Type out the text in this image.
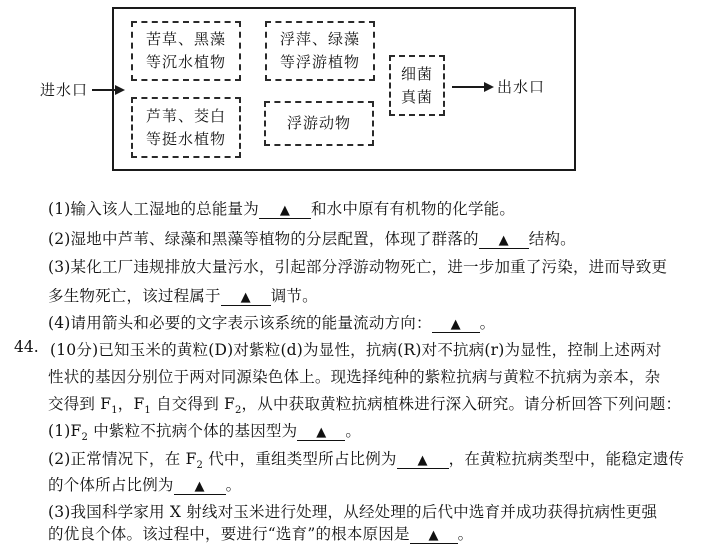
进水口
苦草、黑藻
等沉水植物
浮萍、绿藻
等浮游植物
芦苇、茭白
等挺水植物
浮游动物
细菌
真菌
出水口
(1)输入该人工湿地的总能量为 ▲ 和水中原有有机物的化学能。
(2)湿地中芦苇、绿藻和黑藻等植物的分层配置，体现了群落的 ▲ 结构。
(3)某化工厂违规排放大量污水，引起部分浮游动物死亡，进一步加重了污染，进而导致更
多生物死亡，该过程属于 ▲ 调节。
(4)请用箭头和必要的文字表示该系统的能量流动方向： ▲ 。
44. (10分)已知玉米的黄粒(D)对紫粒(d)为显性，抗病(R)对不抗病(r)为显性，控制上述两对
性状的基因分别位于两对同源染色体上。现选择纯种的紫粒抗病与黄粒不抗病为亲本，杂
交得到 $F_1$，$F_1$ 自交得到 $F_2$，从中获取黄粒抗病植株进行深入研究。请分析回答下列问题：
$(1)F_2$ 中紫粒不抗病个体的基因型为 ▲ 。
(2)正常情况下，在 $F_2$ 代中，重组类型所占比例为 ▲ ，在黄粒抗病类型中，能稳定遗传
的个体所占比例为 ▲ 。
(3)我国科学家用 X 射线对玉米进行处理，从经处理的后代中选育并成功获得抗病性更强
的优良个体。该过程中，要进行“选育”的根本原因是 ▲ 。
